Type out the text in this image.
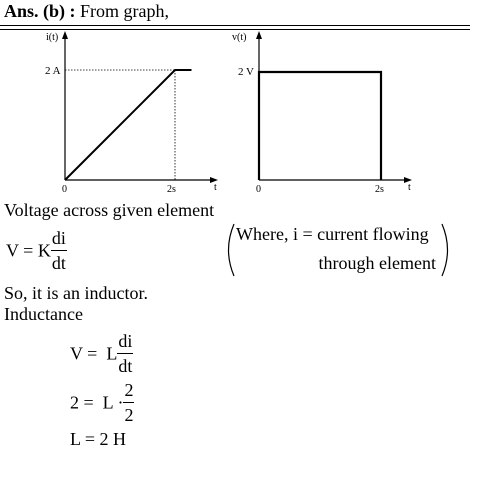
Ans. (b) : From graph,
i(t)
2 A
0	2s	t
v(t)
2 V
0	2s t
Voltage across given element
V = K $\frac{di}{dt}$	Where, i = current flowing
through element
So, it is an inductor.
Inductance
V =  L $\frac{di}{dt}$
$2 = L \cdot \frac{2}{2}$
L = 2 H
